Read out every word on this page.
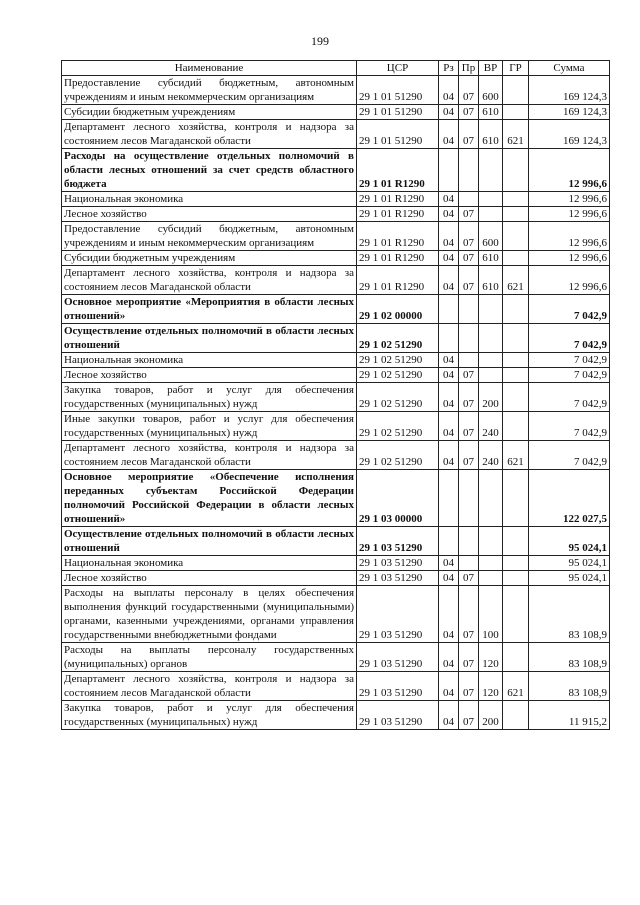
199
Наименование	ЦСР	Рз	Пр	ВР	ГР	Сумма
Предоставление субсидий бюджетным, автономным учреждениям и иным некоммерческим организациям	29 1 01 51290	04	07	600		169 124,3
Субсидии бюджетным учреждениям	29 1 01 51290	04	07	610		169 124,3
Департамент лесного хозяйства, контроля и надзора за состоянием лесов Магаданской области	29 1 01 51290	04	07	610	621	169 124,3
Расходы на осуществление отдельных полномочий в области лесных отношений за счет средств областного бюджета	29 1 01 R1290					12 996,6
Национальная экономика	29 1 01 R1290	04				12 996,6
Лесное хозяйство	29 1 01 R1290	04	07			12 996,6
Предоставление субсидий бюджетным, автономным учреждениям и иным некоммерческим организациям	29 1 01 R1290	04	07	600		12 996,6
Субсидии бюджетным учреждениям	29 1 01 R1290	04	07	610		12 996,6
Департамент лесного хозяйства, контроля и надзора за состоянием лесов Магаданской области	29 1 01 R1290	04	07	610	621	12 996,6
Основное мероприятие «Мероприятия в области лесных отношений»	29 1 02 00000					7 042,9
Осуществление отдельных полномочий в области лесных отношений	29 1 02 51290					7 042,9
Национальная экономика	29 1 02 51290	04				7 042,9
Лесное хозяйство	29 1 02 51290	04	07			7 042,9
Закупка товаров, работ и услуг для обеспечения государственных (муниципальных) нужд	29 1 02 51290	04	07	200		7 042,9
Иные закупки товаров, работ и услуг для обеспечения государственных (муниципальных) нужд	29 1 02 51290	04	07	240		7 042,9
Департамент лесного хозяйства, контроля и надзора за состоянием лесов Магаданской области	29 1 02 51290	04	07	240	621	7 042,9
Основное мероприятие «Обеспечение исполнения переданных субъектам Российской Федерации полномочий Российской Федерации в области лесных отношений»	29 1 03 00000					122 027,5
Осуществление отдельных полномочий в области лесных отношений	29 1 03 51290					95 024,1
Национальная экономика	29 1 03 51290	04				95 024,1
Лесное хозяйство	29 1 03 51290	04	07			95 024,1
Расходы на выплаты персоналу в целях обеспечения выполнения функций государственными (муниципальными) органами, казенными учреждениями, органами управления государственными внебюджетными фондами	29 1 03 51290	04	07	100		83 108,9
Расходы на выплаты персоналу государственных (муниципальных) органов	29 1 03 51290	04	07	120		83 108,9
Департамент лесного хозяйства, контроля и надзора за состоянием лесов Магаданской области	29 1 03 51290	04	07	120	621	83 108,9
Закупка товаров, работ и услуг для обеспечения государственных (муниципальных) нужд	29 1 03 51290	04	07	200		11 915,2
